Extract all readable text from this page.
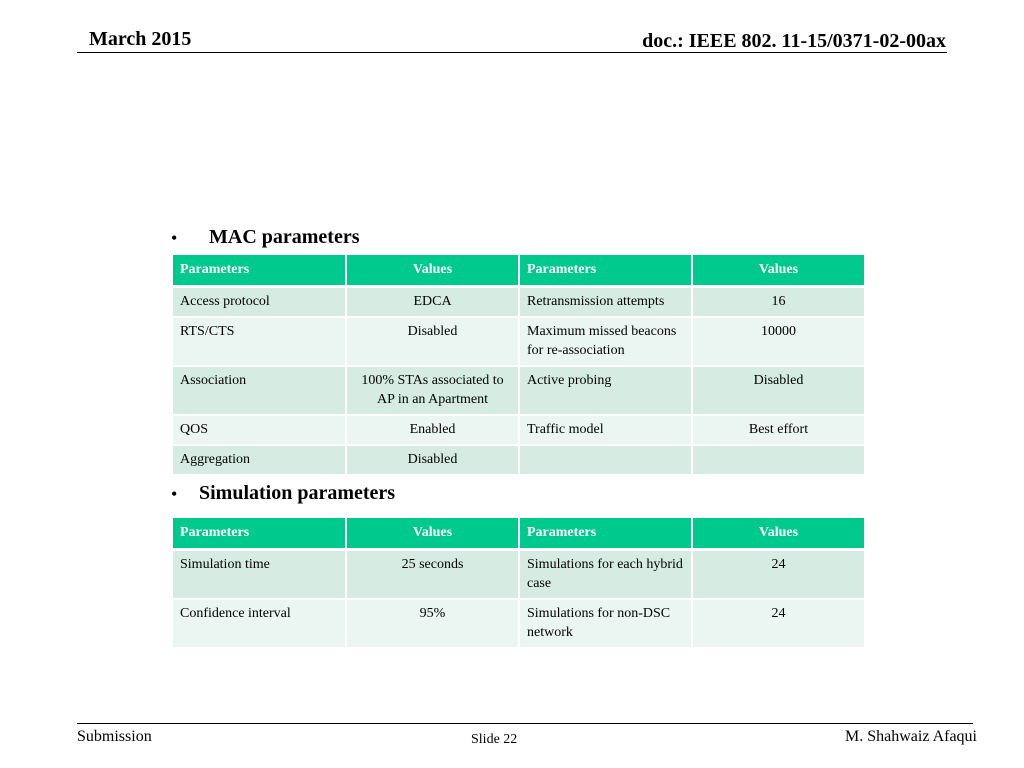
March 2015	doc.: IEEE 802. 11-15/0371-02-00ax
• MAC parameters
Parameters	Values	Parameters	Values
Access protocol	EDCA	Retransmission attempts	16
RTS/CTS	Disabled	Maximum missed beacons for re-association	10000
Association	100% STAs associated to AP in an Apartment	Active probing	Disabled
QOS	Enabled	Traffic model	Best effort
Aggregation	Disabled		
• Simulation parameters
Parameters	Values	Parameters	Values
Simulation time	25 seconds	Simulations for each hybrid case	24
Confidence interval	95%	Simulations for non-DSC network	24
Submission	Slide 22	M. Shahwaiz Afaqui
